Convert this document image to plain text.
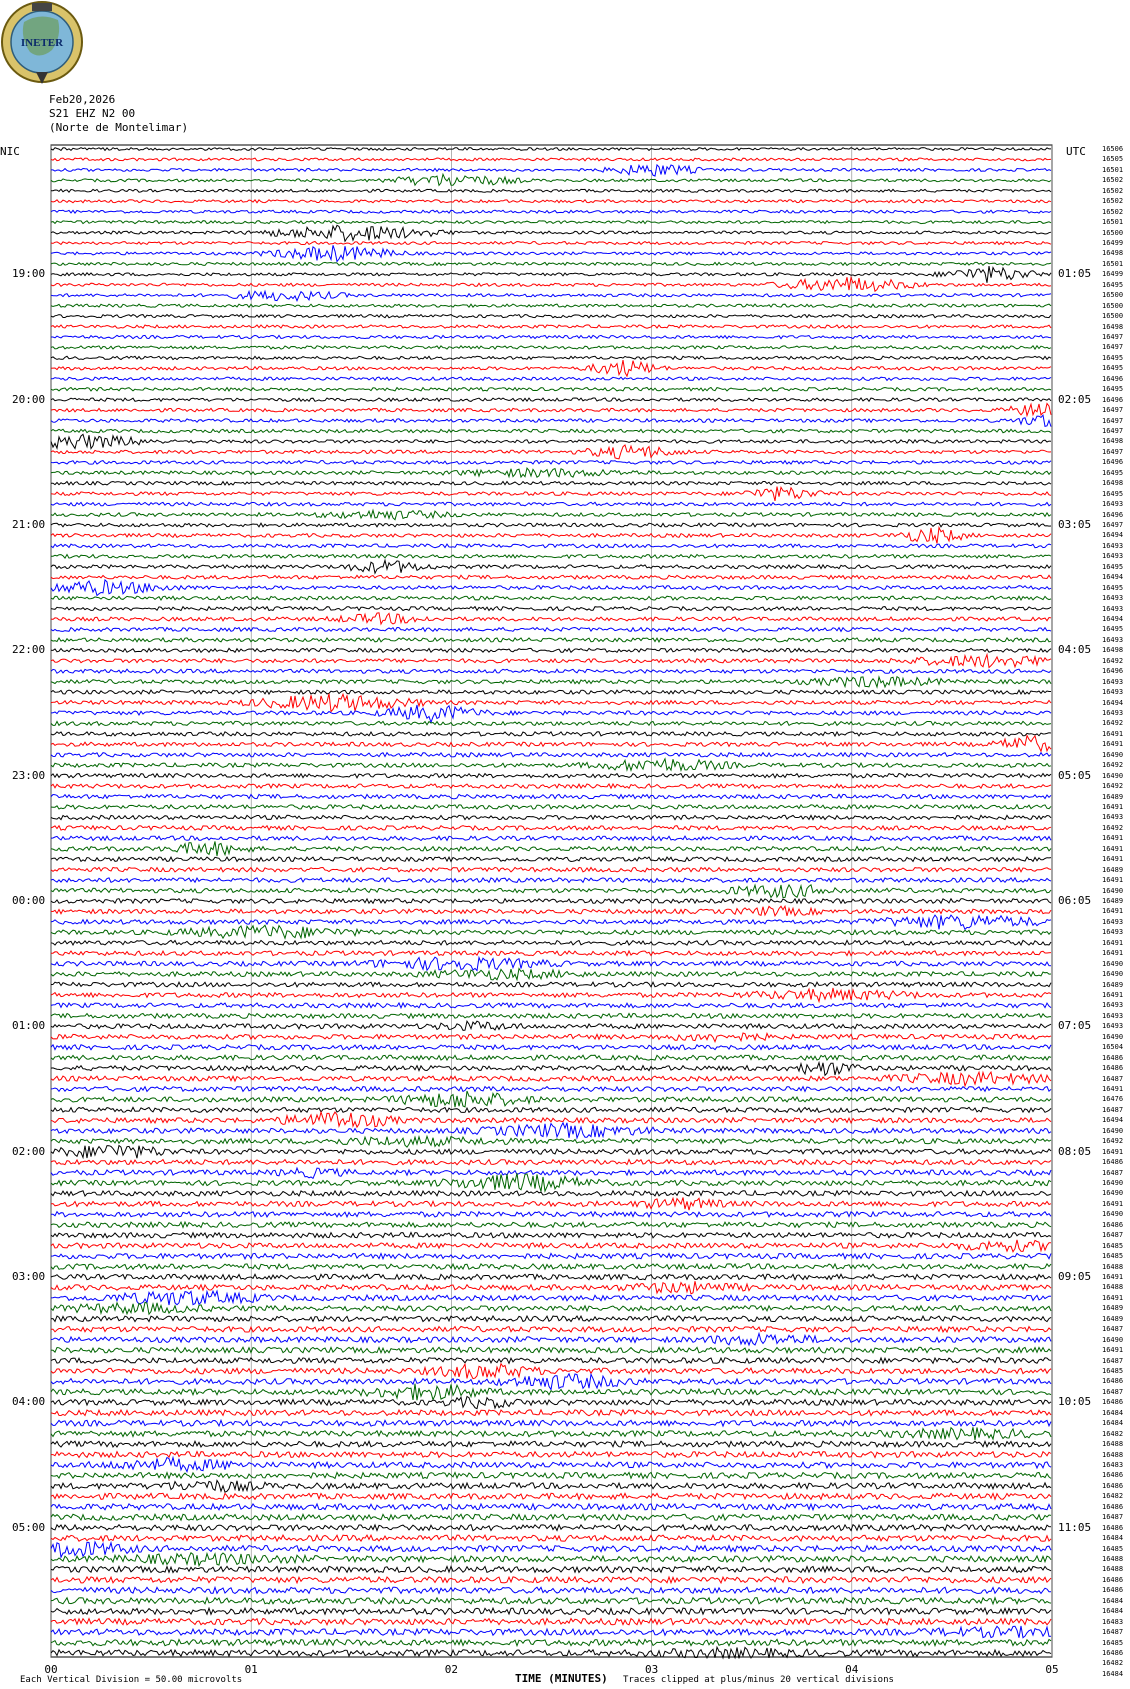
INETER
Feb20,2026
S21 EHZ N2 00
(Norte de Montelimar)
NIC	UTC
00	01	02	03	04	05
19:00
20:00
21:00
22:00
23:00
00:00
01:00
02:00
03:00
04:00
05:00
01:05
02:05
03:05
04:05
05:05
06:05
07:05
08:05
09:05
10:05
11:05
16506
16505
16501
16502
16502
16502
16502
16501
16500
16499
16498
16501
16499
16495
16500
16500
16500
16498
16497
16497
16495
16495
16496
16495
16496
16497
16497
16497
16498
16497
16496
16495
16498
16495
16493
16496
16497
16494
16493
16493
16495
16494
16495
16493
16493
16494
16495
16493
16498
16492
16496
16493
16493
16494
16493
16492
16491
16491
16490
16492
16490
16492
16489
16491
16493
16492
16491
16491
16491
16489
16491
16490
16489
16491
16493
16493
16491
16491
16490
16490
16489
16491
16493
16493
16493
16490
16504
16486
16486
16487
16491
16476
16487
16494
16490
16492
16491
16486
16487
16490
16490
16491
16490
16486
16487
16485
16485
16488
16491
16488
16491
16489
16489
16487
16490
16491
16487
16485
16486
16487
16486
16484
16484
16482
16488
16488
16483
16486
16486
16482
16486
16487
16486
16484
16485
16488
16488
16486
16486
16484
16484
16483
16487
16485
16486
16482
16484
Each Vertical Division = 50.00 microvolts	TIME (MINUTES) Traces clipped at plus/minus 20 vertical divisions
